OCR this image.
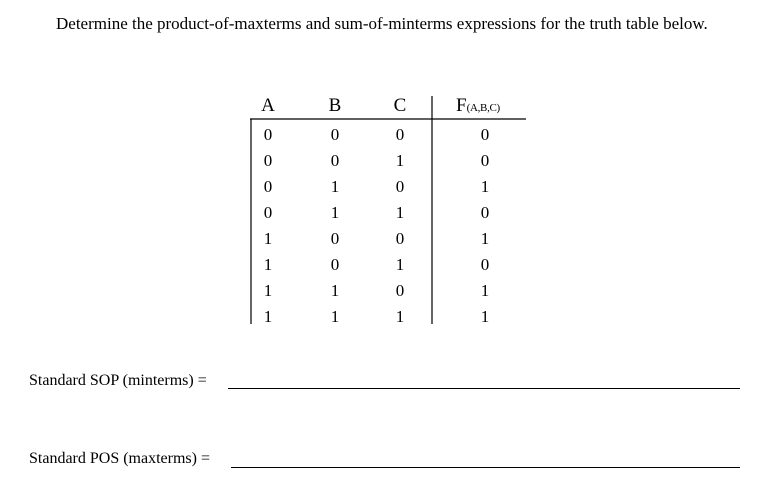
Determine the product-of-maxterms and sum-of-minterms expressions for the truth table below.
A	B	C	F(A,B,C)
0	0	0	0
0	0	1	0
0	1	0	1
0	1	1	0
1	0	0	1
1	0	1	0
1	1	0	1
1	1	1	1
Standard SOP (minterms) =
Standard POS (maxterms) =
